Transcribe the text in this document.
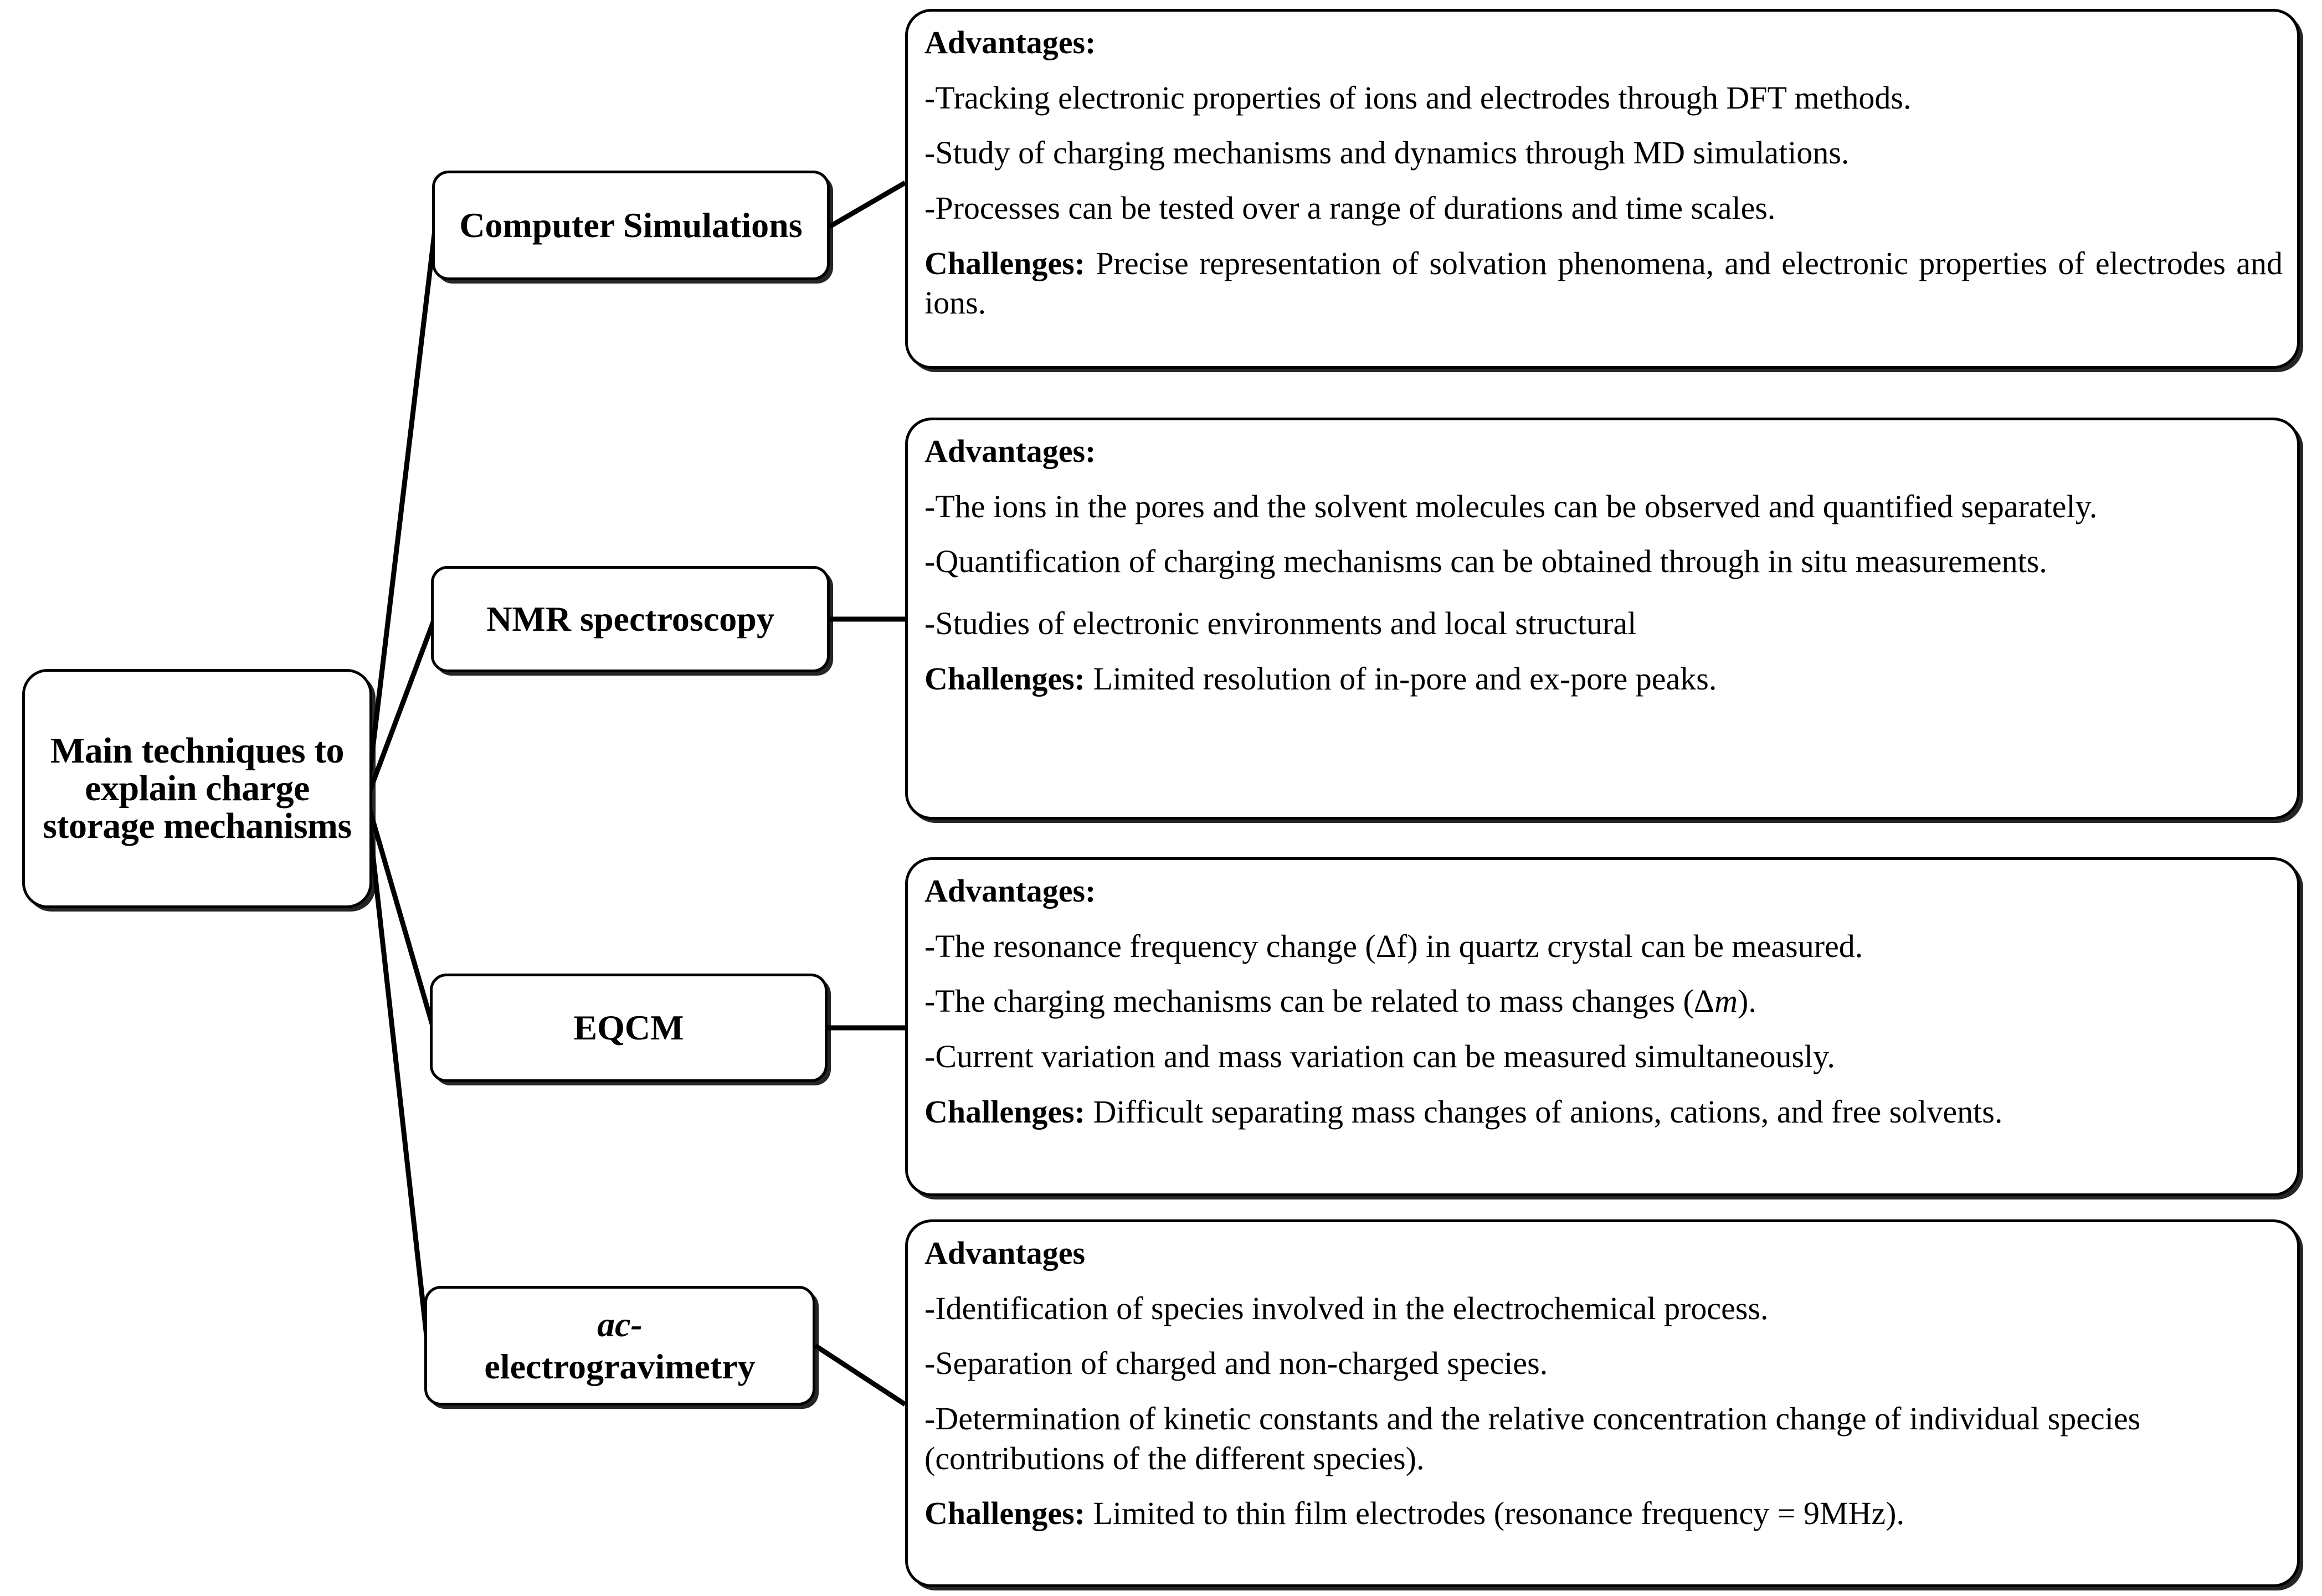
Main techniques to explain charge storage mechanisms
Computer Simulations
NMR spectroscopy
EQCM
ac-
electrogravimetry

Advantages:

-Tracking electronic properties of ions and electrodes through DFT methods.

-Study of charging mechanisms and dynamics through MD simulations.

-Processes can be tested over a range of durations and time scales.

Challenges: Precise representation of solvation phenomena, and electronic properties of electrodes and ions.

Advantages:

-The ions in the pores and the solvent molecules can be observed and quantified separately.

-Quantification of charging mechanisms can be obtained through in situ measurements.

-Studies of electronic environments and local structural

Challenges: Limited resolution of in-pore and ex-pore peaks.

Advantages:

-The resonance frequency change (Δf) in quartz crystal can be measured.

-The charging mechanisms can be related to mass changes (Δm).

-Current variation and mass variation can be measured simultaneously.

Challenges: Difficult separating mass changes of anions, cations, and free solvents.

Advantages

-Identification of species involved in the electrochemical process.

-Separation of charged and non-charged species.

-Determination of kinetic constants and the relative concentration change of individual species (contributions of the different species).

Challenges: Limited to thin film electrodes (resonance frequency = 9MHz).
